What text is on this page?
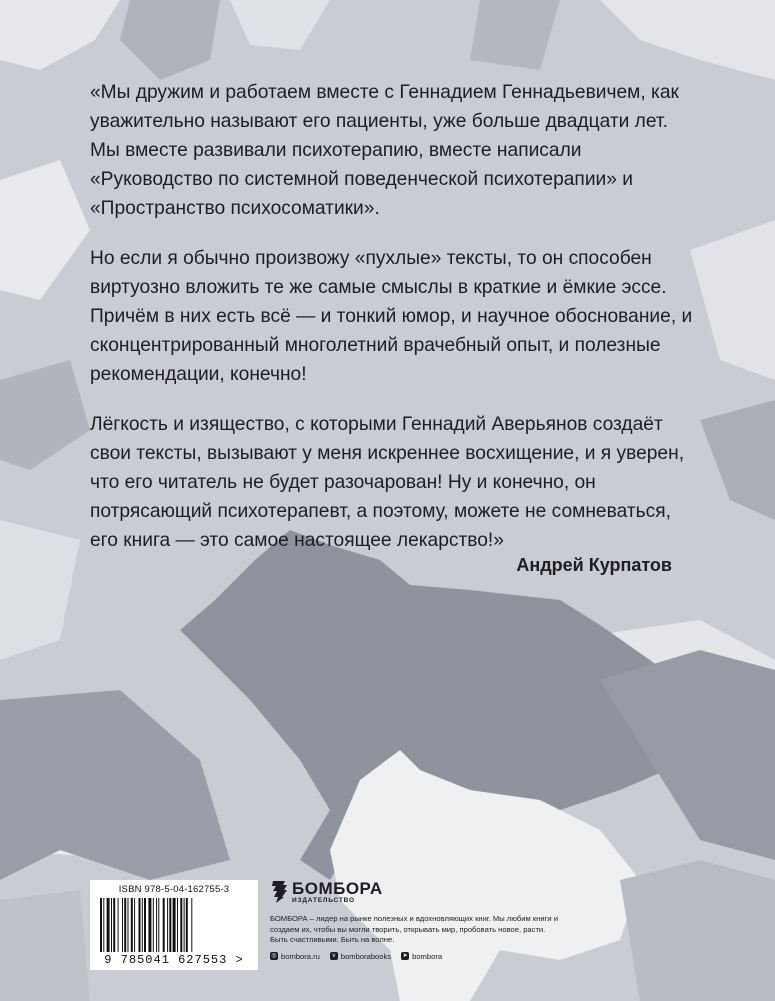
«Мы дружим и работаем вместе с Геннадием Геннадьевичем, как уважительно называют его пациенты, уже больше двадцати лет. Мы вместе развивали психотерапию, вместе написали «Руководство по системной поведенческой психотерапии» и «Пространство психосоматики».

Но если я обычно произвожу «пухлые» тексты, то он способен виртуозно вложить те же самые смыслы в краткие и ёмкие эссе. Причём в них есть всё — и тонкий юмор, и научное обоснование, и сконцентрированный многолетний врачебный опыт, и полезные рекомендации, конечно!

Лёгкость и изящество, с которыми Геннадий Аверьянов создаёт свои тексты, вызывают у меня искреннее восхищение, и я уверен, что его читатель не будет разочарован! Ну и конечно, он потрясающий психотерапевт, а поэтому, можете не сомневаться, его книга — это самое настоящее лекарство!»

Андрей Курпатов
ISBN 978-5-04-162755-3
9 785041 627553 >
БОМБОРА
ИЗДАТЕЛЬСТВО
БОМБОРА – лидер на рынке полезных и вдохновляющих книг. Мы любим книги и создаем их, чтобы вы могли творить, открывать мир, пробовать новое, расти. Быть счастливыми. Быть на волне.
◎ bombora.ru	v bomborabooks ➤ bombora
